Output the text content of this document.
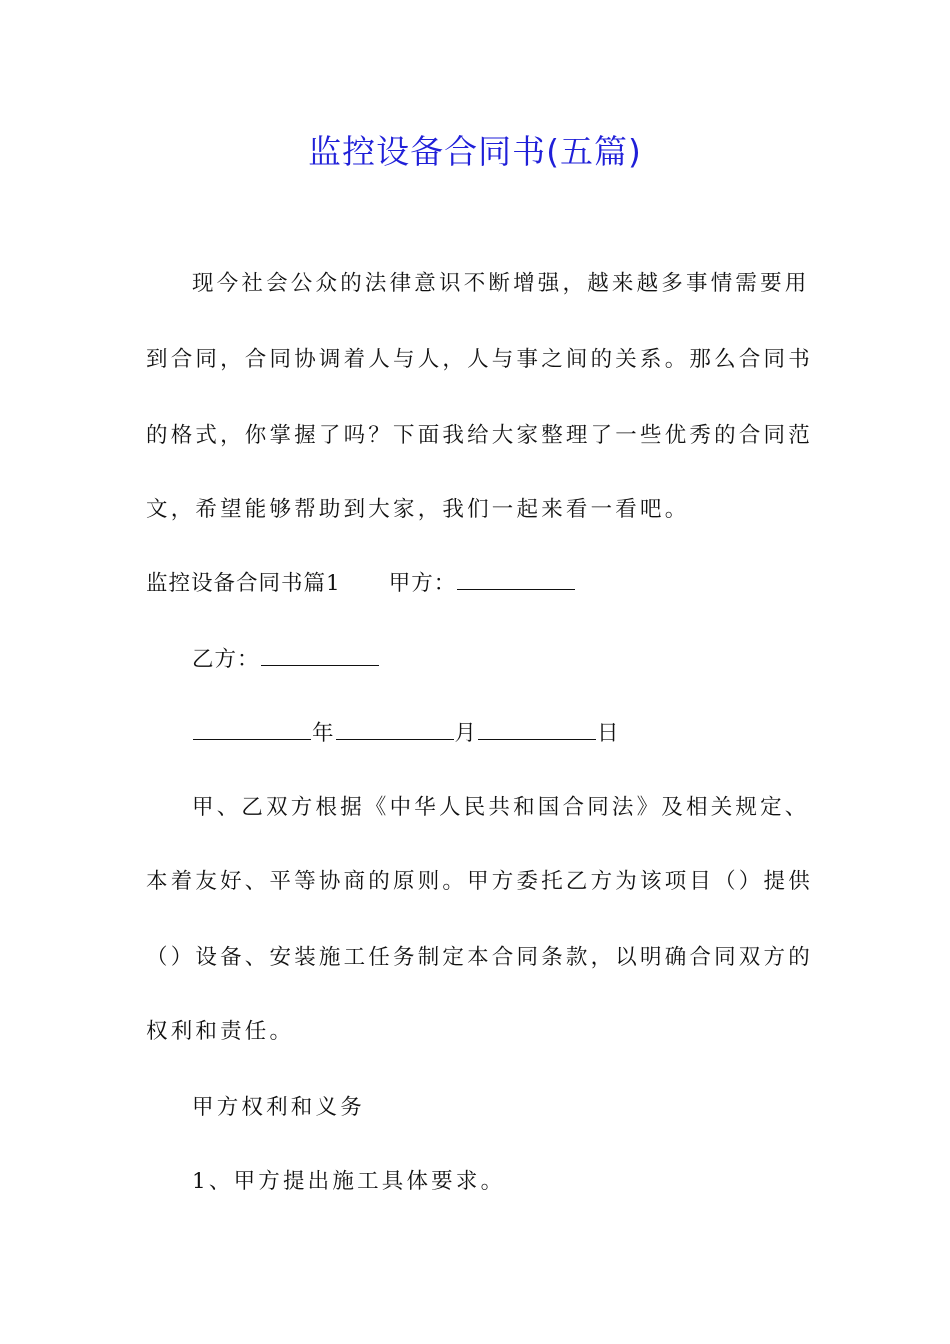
监控设备合同书(五篇)
现今社会公众的法律意识不断增强，越来越多事情需要用
到合同，合同协调着人与人，人与事之间的关系。那么合同书
的格式，你掌握了吗？下面我给大家整理了一些优秀的合同范
文，希望能够帮助到大家，我们一起来看一看吧。
监控设备合同书篇1 甲方：
乙方：
年	月	日
甲、乙双方根据《中华人民共和国合同法》及相关规定、
本着友好、平等协商的原则。甲方委托乙方为该项目（）提供
（）设备、安装施工任务制定本合同条款，以明确合同双方的
权利和责任。
甲方权利和义务
1、甲方提出施工具体要求。
